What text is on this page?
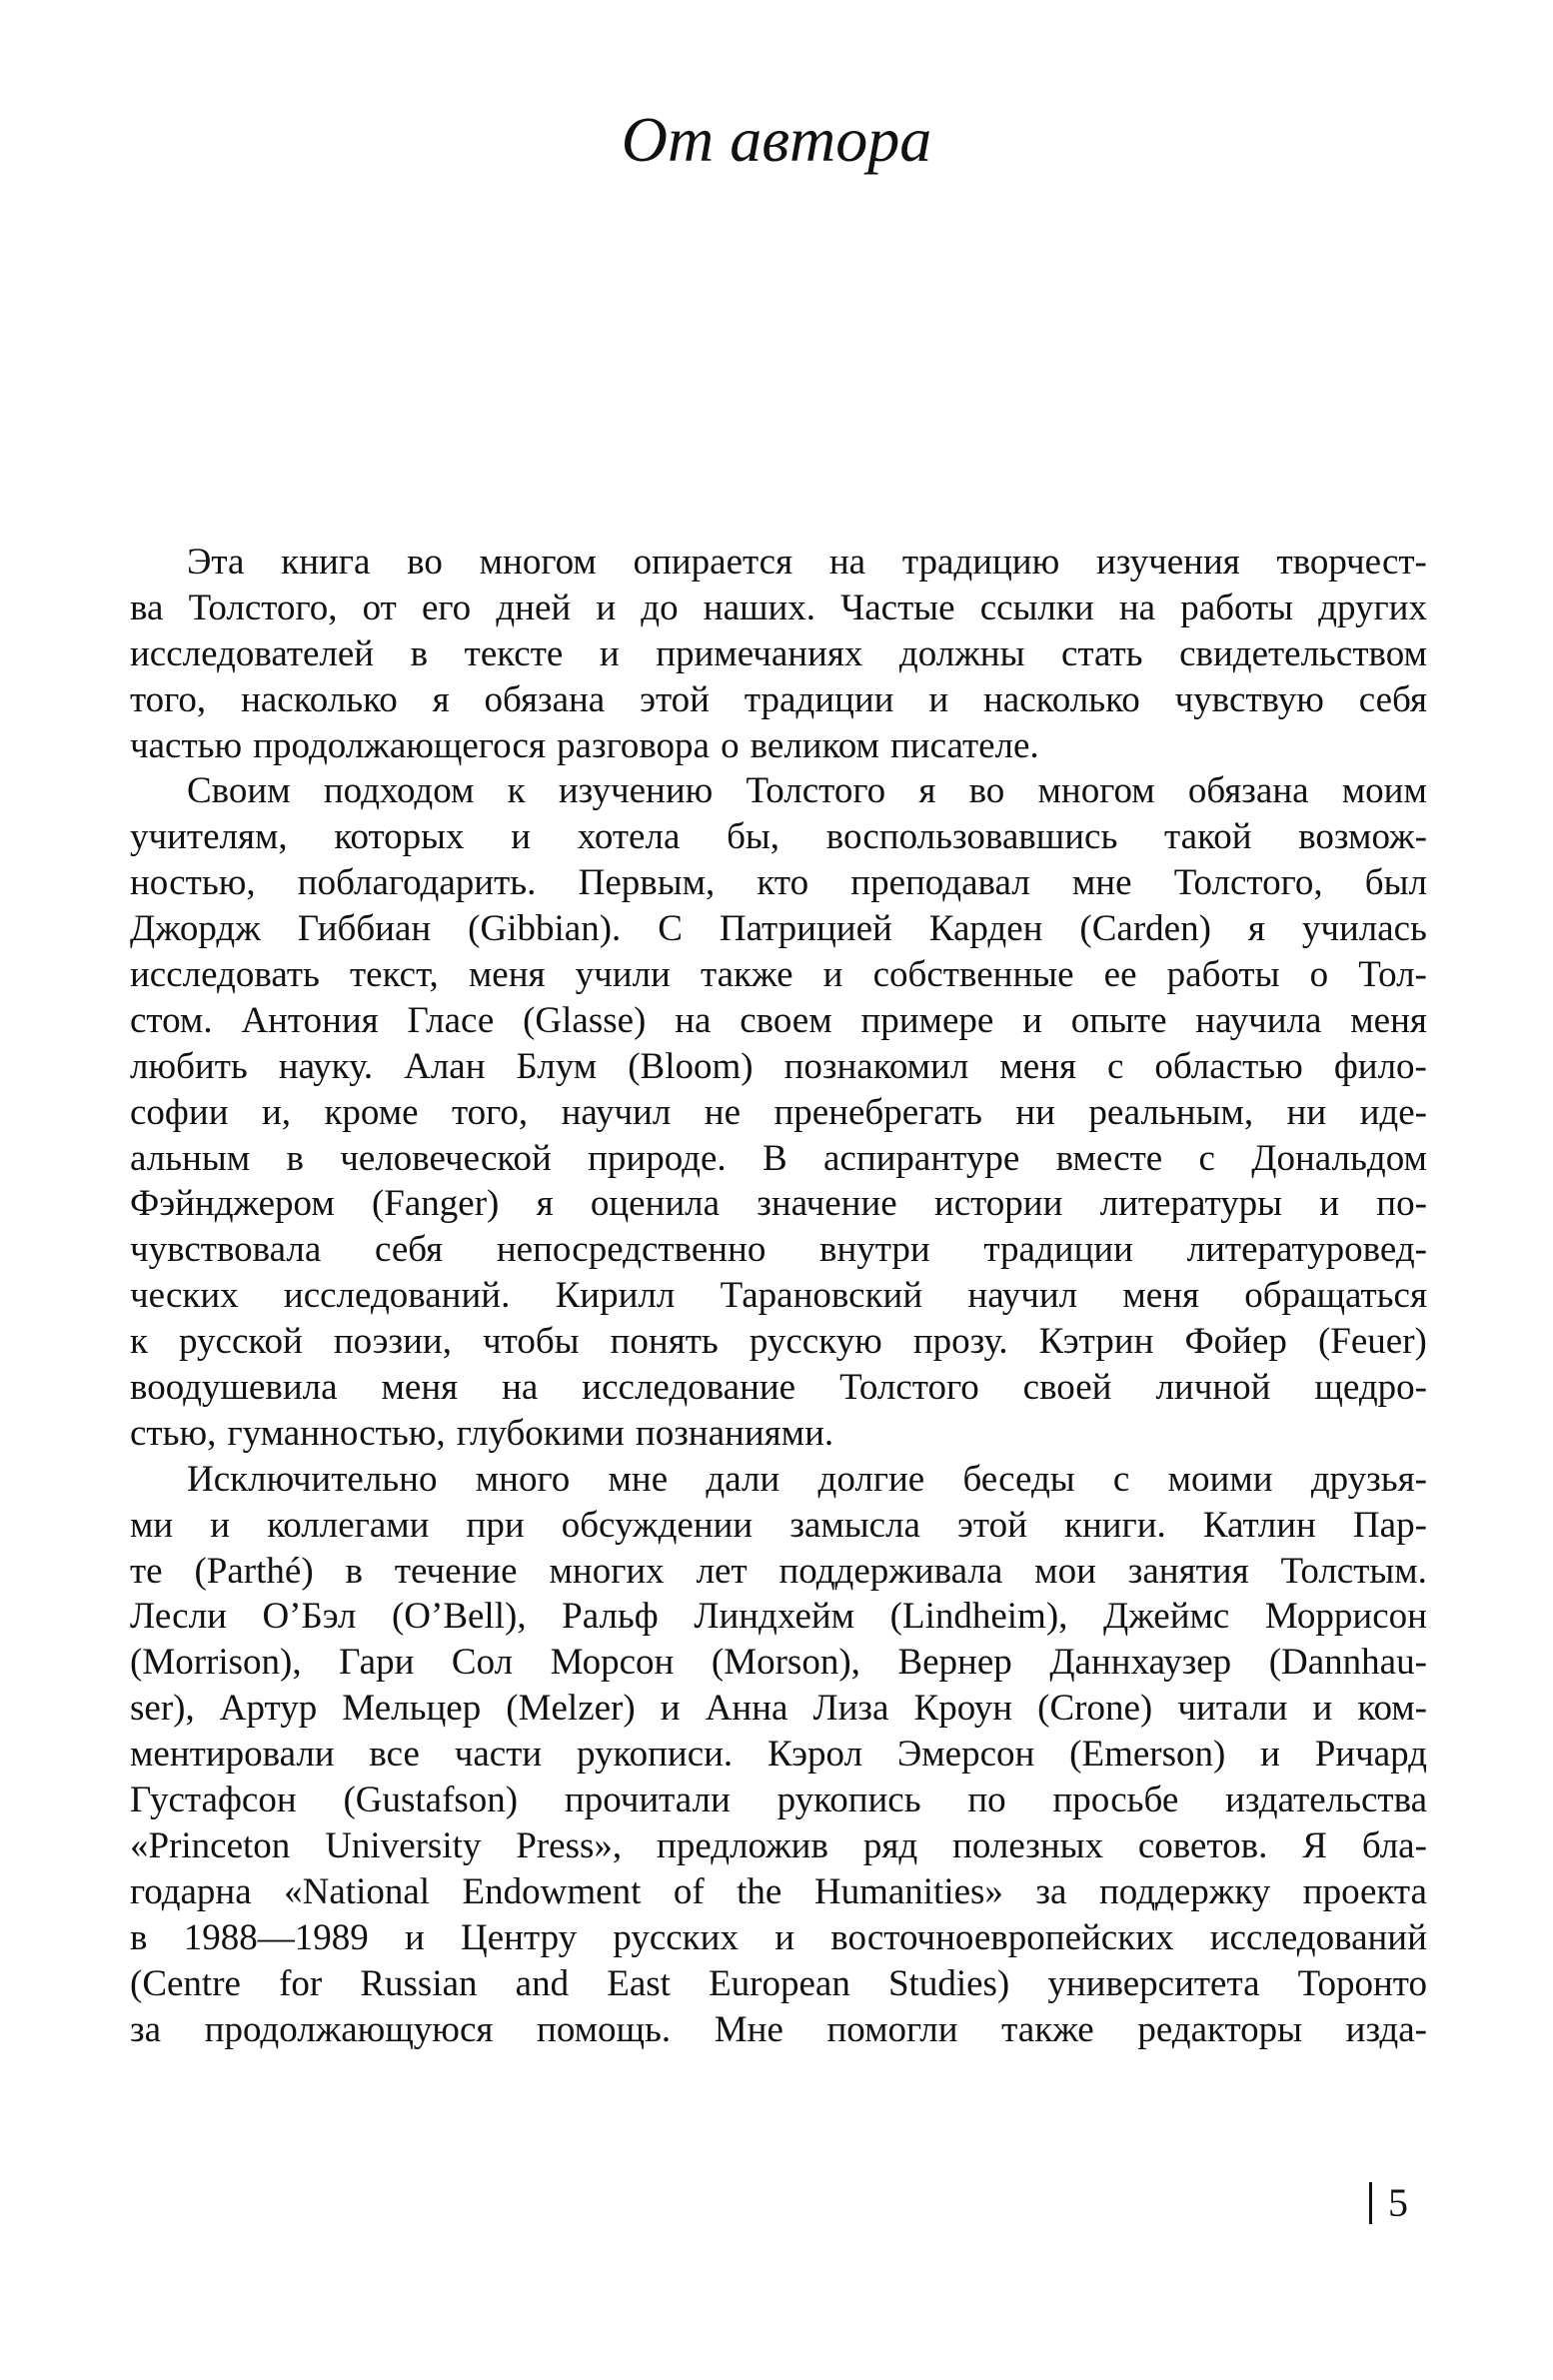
От автора
Эта книга во многом опирается на традицию изучения творчест-
ва Толстого, от его дней и до наших. Частые ссылки на работы других
исследователей в тексте и примечаниях должны стать свидетельством
того, насколько я обязана этой традиции и насколько чувствую себя
частью продолжающегося разговора о великом писателе.
Своим подходом к изучению Толстого я во многом обязана моим
учителям, которых и хотела бы, воспользовавшись такой возмож-
ностью, поблагодарить. Первым, кто преподавал мне Толстого, был
Джордж Гиббиан (Gibbian). С Патрицией Карден (Carden) я училась
исследовать текст, меня учили также и собственные ее работы о Тол-
стом. Антония Гласе (Glasse) на своем примере и опыте научила меня
любить науку. Алан Блум (Bloom) познакомил меня с областью фило-
софии и, кроме того, научил не пренебрегать ни реальным, ни иде-
альным в человеческой природе. В аспирантуре вместе с Дональдом
Фэйнджером (Fanger) я оценила значение истории литературы и по-
чувствовала себя непосредственно внутри традиции литературовед-
ческих исследований. Кирилл Тарановский научил меня обращаться
к русской поэзии, чтобы понять русскую прозу. Кэтрин Фойер (Feuer)
воодушевила меня на исследование Толстого своей личной щедро-
стью, гуманностью, глубокими познаниями.
Исключительно много мне дали долгие беседы с моими друзья-
ми и коллегами при обсуждении замысла этой книги. Катлин Пар-
те (Parthé) в течение многих лет поддерживала мои занятия Толстым.
Лесли О’Бэл (O’Bell), Ральф Линдхейм (Lindheim), Джеймс Моррисон
(Morrison), Гари Сол Морсон (Morson), Вернер Даннхаузер (Dannhau-
ser), Артур Мельцер (Melzer) и Анна Лиза Кроун (Crone) читали и ком-
ментировали все части рукописи. Кэрол Эмерсон (Emerson) и Ричард
Густафсон (Gustafson) прочитали рукопись по просьбе издательства
«Princeton University Press», предложив ряд полезных советов. Я бла-
годарна «National Endowment of the Humanities» за поддержку проекта
в 1988—1989 и Центру русских и восточноевропейских исследований
(Centre for Russian and East European Studies) университета Торонто
за продолжающуюся помощь. Мне помогли также редакторы изда-
5
